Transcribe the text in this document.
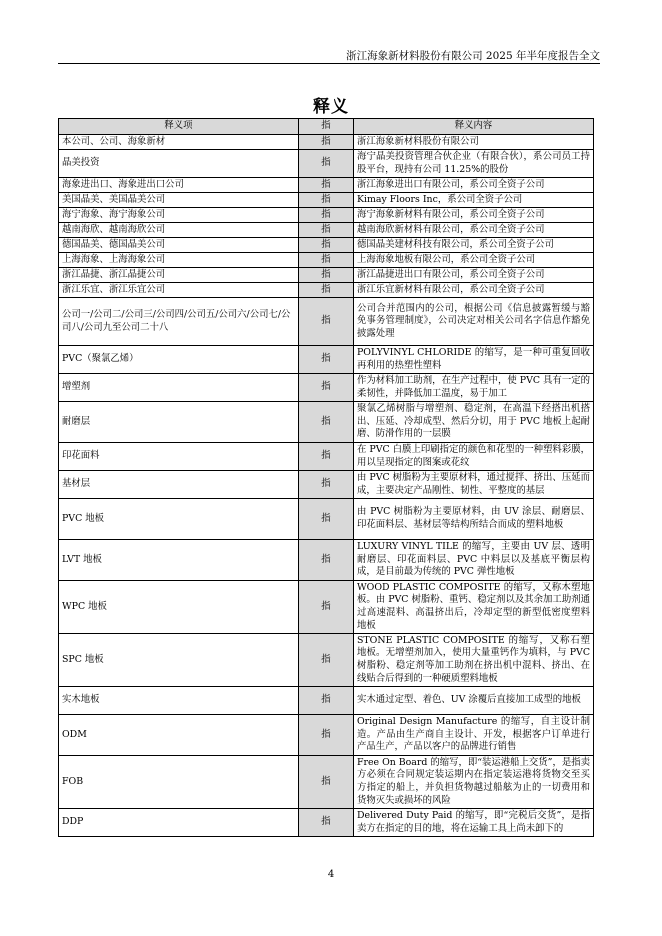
浙江海象新材料股份有限公司 2025 年半年度报告全文
释义
释义项	指	释义内容
本公司、公司、海象新材	指	浙江海象新材料股份有限公司
晶美投资	指	海宁晶美投资管理合伙企业（有限合伙），系公司员工持股平台，现持有公司 11.25%的股份
海象进出口、海象进出口公司	指	浙江海象进出口有限公司，系公司全资子公司
美国晶美、美国晶美公司	指	Kimay Floors Inc，系公司全资子公司
海宁海象、海宁海象公司	指	海宁海象新材料有限公司，系公司全资子公司
越南海欣、越南海欣公司	指	越南海欣新材料有限公司，系公司全资子公司
德国晶美、德国晶美公司	指	德国晶美建材科技有限公司，系公司全资子公司
上海海象、上海海象公司	指	上海海象地板有限公司，系公司全资子公司
浙江晶捷、浙江晶捷公司	指	浙江晶捷进出口有限公司，系公司全资子公司
浙江乐宜、浙江乐宜公司	指	浙江乐宜新材料有限公司，系公司全资子公司
公司一/公司二/公司三/公司四/公司五/公司六/公司七/公司八/公司九至公司二十八	指	公司合并范围内的公司，根据公司《信息披露暂缓与豁免事务管理制度》，公司决定对相关公司名字信息作豁免披露处理
PVC（聚氯乙烯）	指	POLYVINYL CHLORIDE 的缩写，是一种可重复回收再利用的热塑性塑料
增塑剂	指	作为材料加工助剂，在生产过程中，使 PVC 具有一定的柔韧性，并降低加工温度，易于加工
耐磨层	指	聚氯乙烯树脂与增塑剂、稳定剂，在高温下经搭出机搭出、压延、冷却成型、然后分切，用于 PVC 地板上起耐磨、防滑作用的一层膜
印花面料	指	在 PVC 白膜上印刷指定的颜色和花型的一种塑料彩膜，用以呈现指定的图案或花纹
基材层	指	由 PVC 树脂粉为主要原材料，通过搅拌、挤出、压延而成，主要决定产品刚性、韧性、平整度的基层
PVC 地板	指	由 PVC 树脂粉为主要原材料，由 UV 涂层、耐磨层、印花面料层、基材层等结构所结合而成的塑料地板
LVT 地板	指	LUXURY VINYL TILE 的缩写，主要由 UV 层、透明耐磨层、印花面料层、PVC 中料层以及基底平衡层构成，是目前最为传统的 PVC 弹性地板
WPC 地板	指	WOOD PLASTIC COMPOSITE 的缩写，又称木塑地板。由 PVC 树脂粉、重钙、稳定剂以及其余加工助剂通过高速混料、高温挤出后，冷却定型的新型低密度塑料地板
SPC 地板	指	STONE PLASTIC COMPOSITE 的缩写，又称石塑地板。无增塑剂加入，使用大量重钙作为填料，与 PVC 树脂粉、稳定剂等加工助剂在挤出机中混料、挤出、在线贴合后得到的一种硬质塑料地板
实木地板	指	实木通过定型、着色、UV 涂覆后直接加工成型的地板
ODM	指	Original Design Manufacture 的缩写，自主设计制造。产品由生产商自主设计、开发，根据客户订单进行产品生产，产品以客户的品牌进行销售
FOB	指	Free On Board 的缩写，即“装运港船上交货”，是指卖方必须在合同规定装运期内在指定装运港将货物交至买方指定的船上，并负担货物越过船舷为止的一切费用和货物灭失或损坏的风险
DDP	指	Delivered Duty Paid 的缩写，即“完税后交货”，是指卖方在指定的目的地，将在运输工具上尚未卸下的
4
